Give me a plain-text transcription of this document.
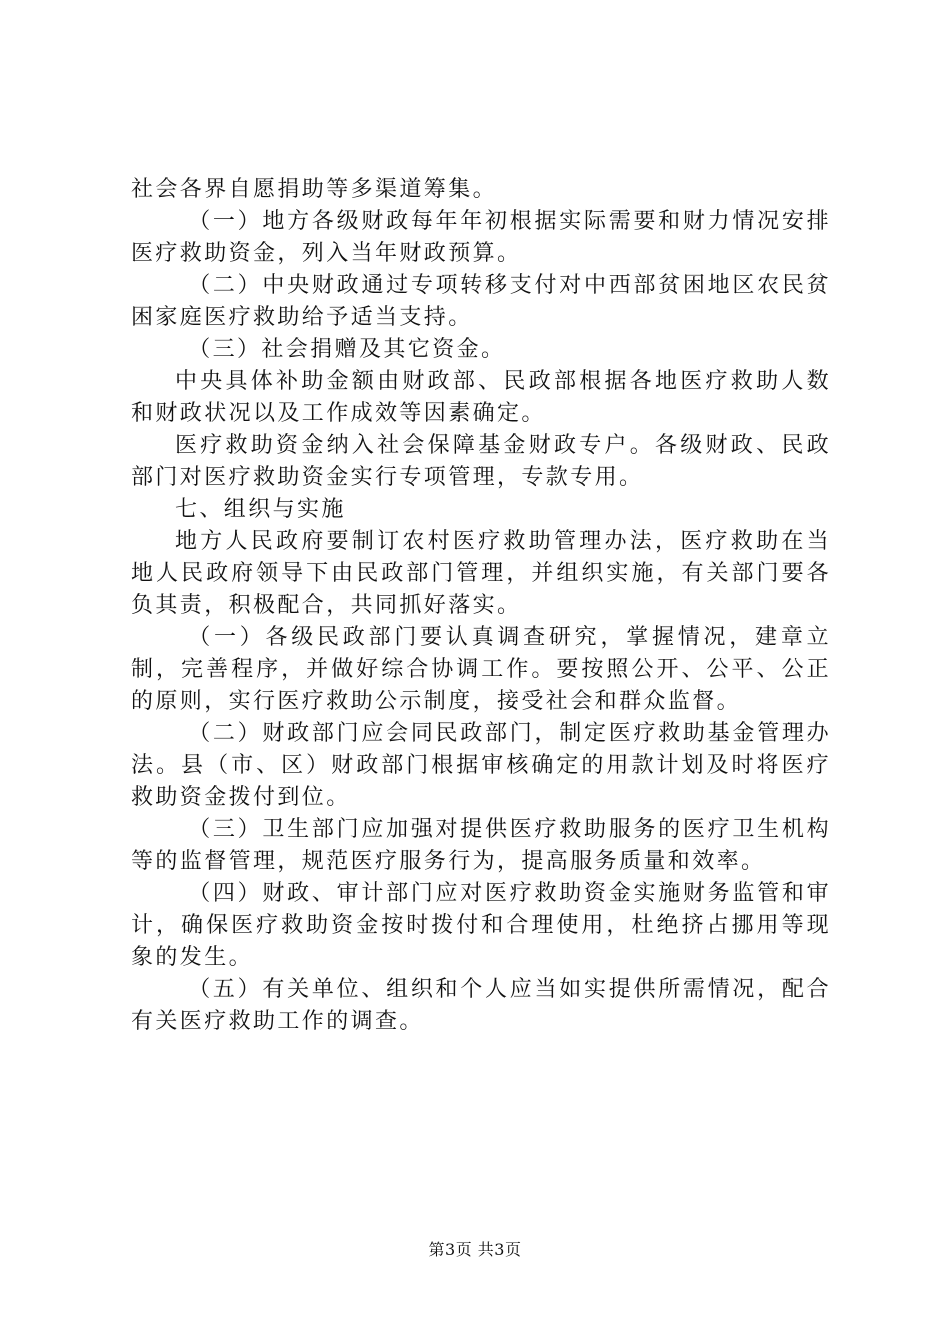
社会各界自愿捐助等多渠道筹集。

（一）地方各级财政每年年初根据实际需要和财力情况安排医疗救助资金，列入当年财政预算。

（二）中央财政通过专项转移支付对中西部贫困地区农民贫困家庭医疗救助给予适当支持。

（三）社会捐赠及其它资金。

中央具体补助金额由财政部、民政部根据各地医疗救助人数和财政状况以及工作成效等因素确定。

医疗救助资金纳入社会保障基金财政专户。各级财政、民政部门对医疗救助资金实行专项管理，专款专用。

七、组织与实施

地方人民政府要制订农村医疗救助管理办法，医疗救助在当地人民政府领导下由民政部门管理，并组织实施，有关部门要各负其责，积极配合，共同抓好落实。

（一）各级民政部门要认真调查研究，掌握情况，建章立制，完善程序，并做好综合协调工作。要按照公开、公平、公正的原则，实行医疗救助公示制度，接受社会和群众监督。

（二）财政部门应会同民政部门，制定医疗救助基金管理办法。县（市、区）财政部门根据审核确定的用款计划及时将医疗救助资金拨付到位。

（三）卫生部门应加强对提供医疗救助服务的医疗卫生机构等的监督管理，规范医疗服务行为，提高服务质量和效率。

（四）财政、审计部门应对医疗救助资金实施财务监管和审计，确保医疗救助资金按时拨付和合理使用，杜绝挤占挪用等现象的发生。

（五）有关单位、组织和个人应当如实提供所需情况，配合有关医疗救助工作的调查。

第3页 共3页
